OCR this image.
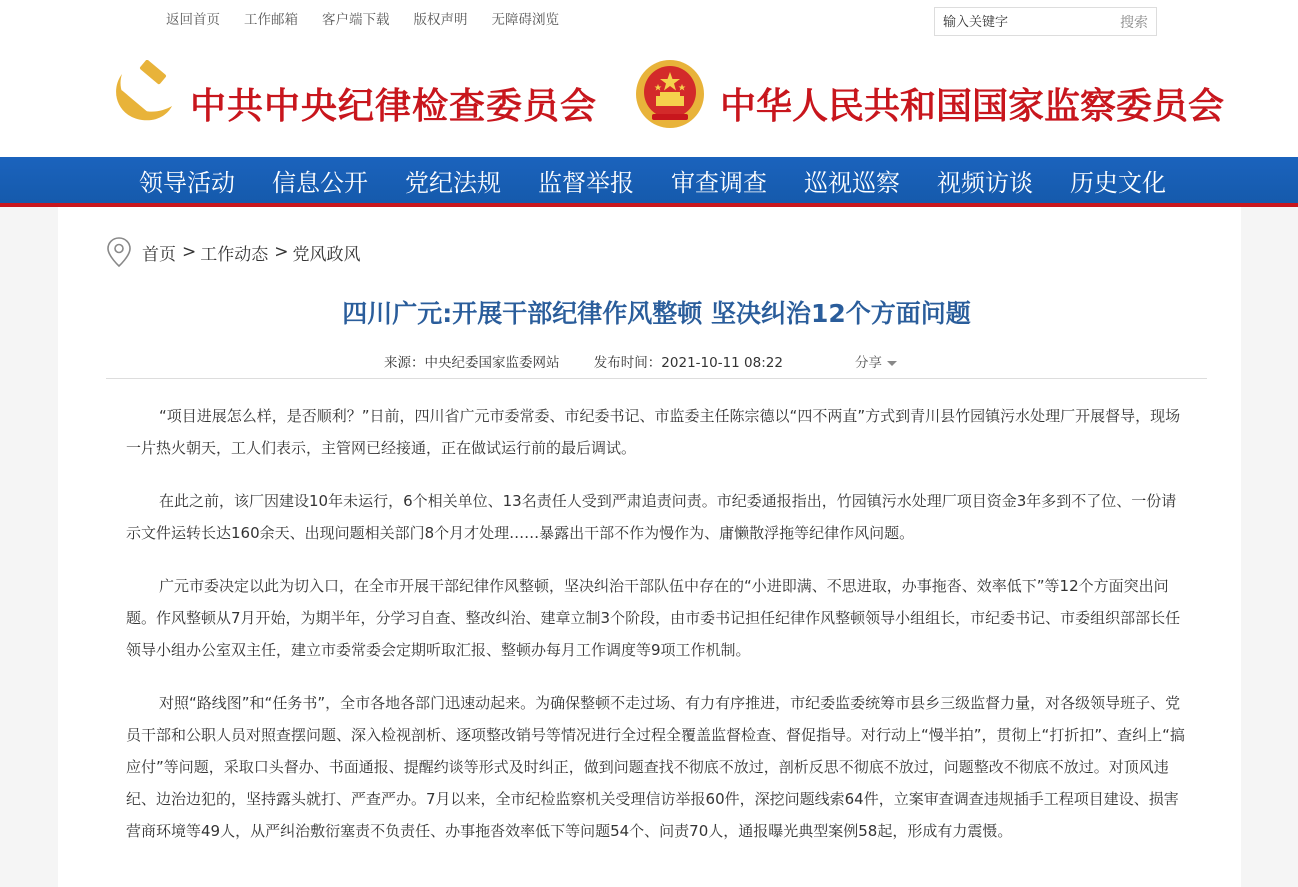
返回首页 工作邮箱 客户端下载 版权声明 无障碍浏览
输入关键字	搜索
中共中央纪律检查委员会	中华人民共和国国家监察委员会
领导活动 信息公开 党纪法规 监督举报 审查调查 巡视巡察 视频访谈 历史文化
首页 > 工作动态 > 党风政风
四川广元:开展干部纪律作风整顿 坚决纠治12个方面问题
来源：中央纪委国家监委网站	发布时间：2021-10-11 08:22	分享

“项目进展怎么样，是否顺利？”日前，四川省广元市委常委、市纪委书记、市监委主任陈宗德以“四不两直”方式到青川县竹园镇污水处理厂开展督导，现场一片热火朝天，工人们表示，主管网已经接通，正在做试运行前的最后调试。

在此之前，该厂因建设10年未运行，6个相关单位、13名责任人受到严肃追责问责。市纪委通报指出，竹园镇污水处理厂项目资金3年多到不了位、一份请示文件运转长达160余天、出现问题相关部门8个月才处理……暴露出干部不作为慢作为、庸懒散浮拖等纪律作风问题。

广元市委决定以此为切入口，在全市开展干部纪律作风整顿，坚决纠治干部队伍中存在的“小进即满、不思进取，办事拖沓、效率低下”等12个方面突出问题。作风整顿从7月开始，为期半年，分学习自查、整改纠治、建章立制3个阶段，由市委书记担任纪律作风整顿领导小组组长，市纪委书记、市委组织部部长任领导小组办公室双主任，建立市委常委会定期听取汇报、整顿办每月工作调度等9项工作机制。

对照“路线图”和“任务书”，全市各地各部门迅速动起来。为确保整顿不走过场、有力有序推进，市纪委监委统筹市县乡三级监督力量，对各级领导班子、党员干部和公职人员对照查摆问题、深入检视剖析、逐项整改销号等情况进行全过程全覆盖监督检查、督促指导。对行动上“慢半拍”，贯彻上“打折扣”、查纠上“搞应付”等问题，采取口头督办、书面通报、提醒约谈等形式及时纠正，做到问题查找不彻底不放过，剖析反思不彻底不放过，问题整改不彻底不放过。对顶风违纪、边治边犯的，坚持露头就打、严查严办。7月以来，全市纪检监察机关受理信访举报60件，深挖问题线索64件，立案审查调查违规插手工程项目建设、损害营商环境等49人，从严纠治敷衍塞责不负责任、办事拖沓效率低下等问题54个、问责70人，通报曝光典型案例58起，形成有力震慑。
